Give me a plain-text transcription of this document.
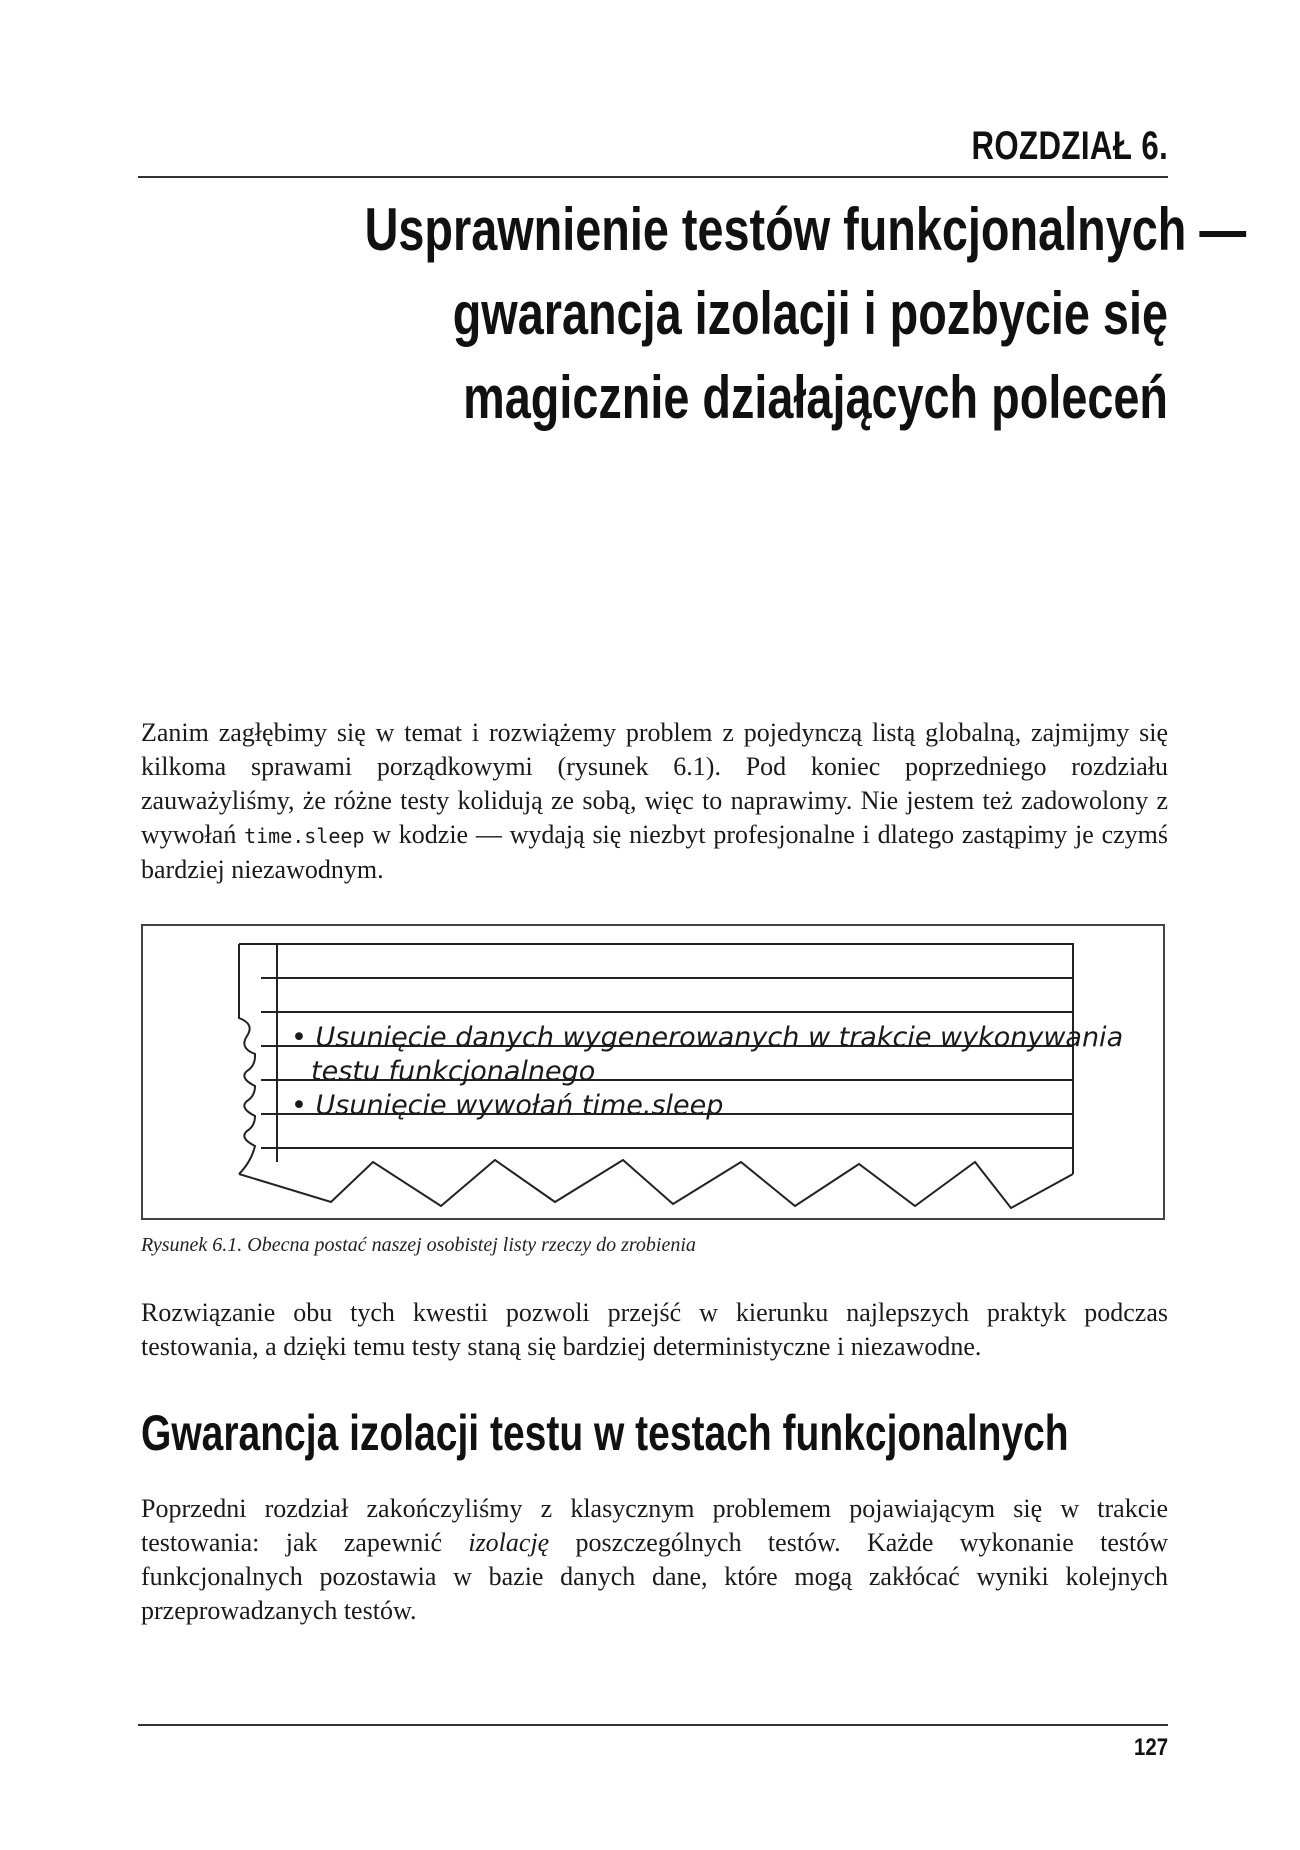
ROZDZIAŁ 6.
Usprawnienie testów funkcjonalnych —
gwarancja izolacji i pozbycie się
magicznie działających poleceń

Zanim zagłębimy się w temat i rozwiążemy problem z pojedynczą listą globalną, zajmijmy się kilkoma sprawami porządkowymi (rysunek 6.1). Pod koniec poprzedniego rozdziału zauważyliśmy, że różne testy kolidują ze sobą, więc to naprawimy. Nie jestem też zadowolony z wywołań time.sleep w kodzie — wydają się niezbyt profesjonalne i dlatego zastąpimy je czymś bardziej niezawodnym.

• Usunięcie danych wygenerowanych w trakcie wykonywania
testu funkcjonalnego
• Usunięcie wywołań time.sleep
Rysunek 6.1. Obecna postać naszej osobistej listy rzeczy do zrobienia

Rozwiązanie obu tych kwestii pozwoli przejść w kierunku najlepszych praktyk podczas testowania, a dzięki temu testy staną się bardziej deterministyczne i niezawodne.

Gwarancja izolacji testu w testach funkcjonalnych

Poprzedni rozdział zakończyliśmy z klasycznym problemem pojawiającym się w trakcie testowania: jak zapewnić izolację poszczególnych testów. Każde wykonanie testów funkcjonalnych pozostawia w bazie danych dane, które mogą zakłócać wyniki kolejnych przeprowadzanych testów.

127
